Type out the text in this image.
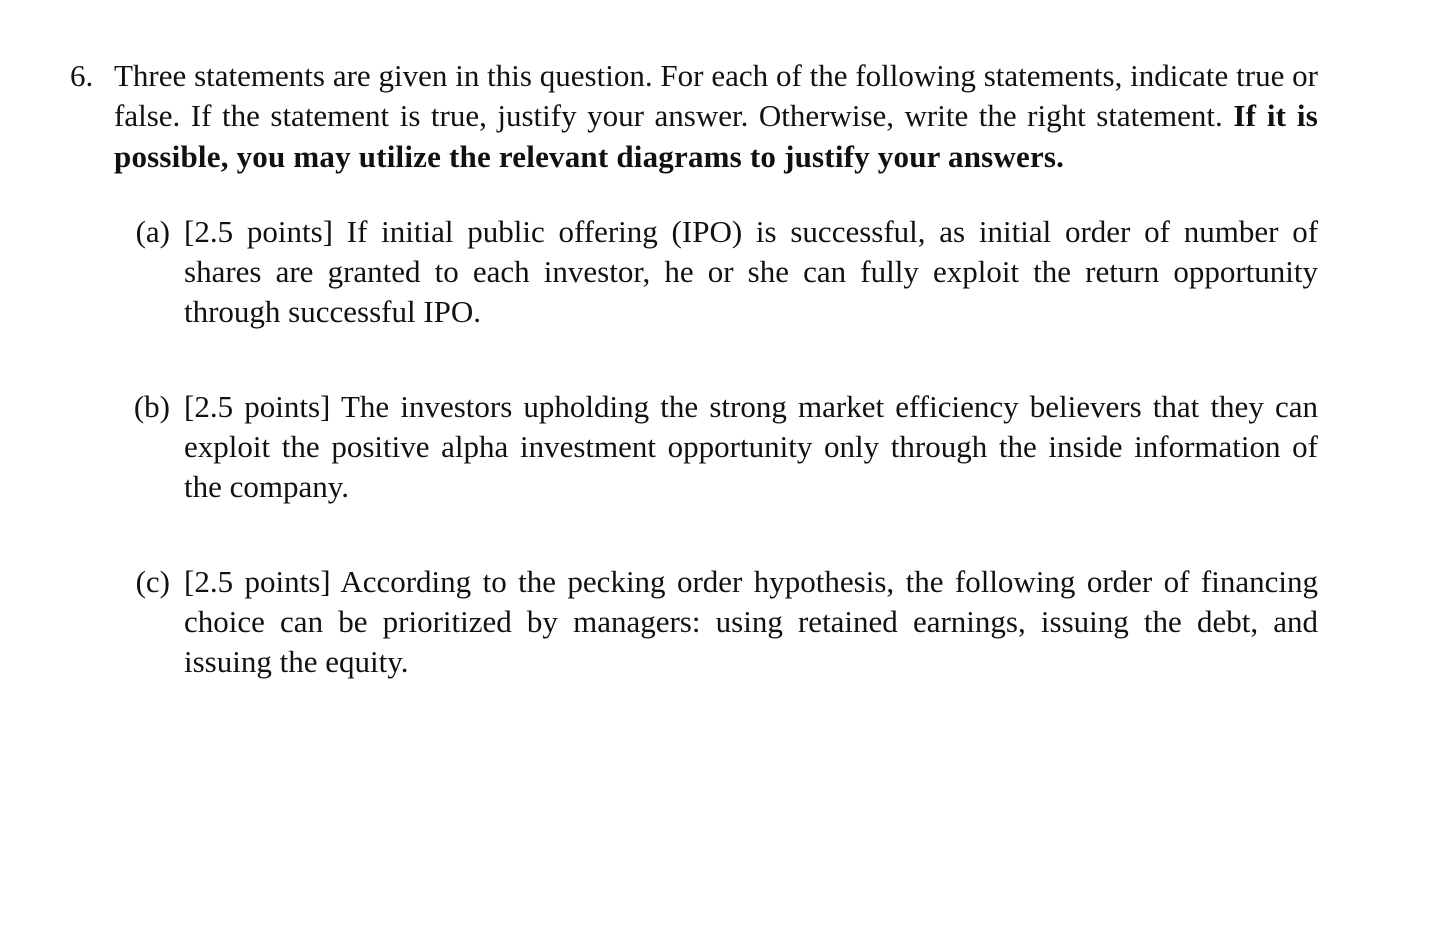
6. Three statements are given in this question. For each of the following statements, indicate true or false. If the statement is true, justify your answer. Otherwise, write the right statement. If it is possible, you may utilize the relevant diagrams to justify your answers.
(a) [2.5 points] If initial public offering (IPO) is successful, as initial order of number of shares are granted to each investor, he or she can fully exploit the return opportunity through successful IPO.
(b) [2.5 points] The investors upholding the strong market efficiency believers that they can exploit the positive alpha investment opportunity only through the inside information of the company.
(c) [2.5 points] According to the pecking order hypothesis, the following order of financing choice can be prioritized by managers: using retained earnings, issuing the debt, and issuing the equity.
